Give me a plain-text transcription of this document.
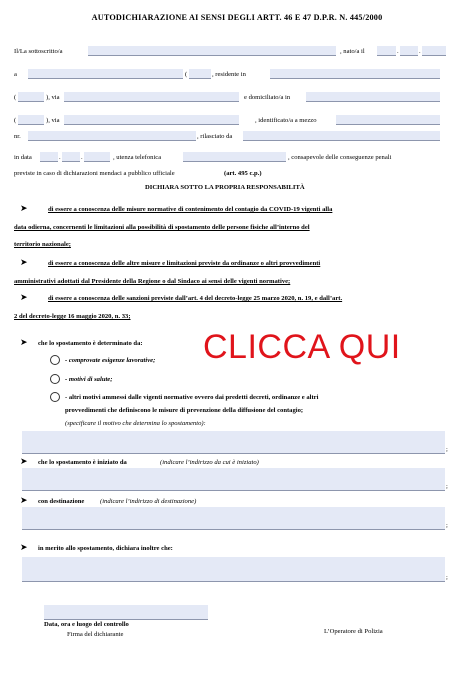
AUTODICHIARAZIONE AI SENSI DEGLI ARTT. 46 E 47 D.P.R. N. 445/2000
Il/La sottoscritto/a	, nato/a il	.	.
a	(	, residente in
(	), via	e domiciliato/a in
(	), via	, identificato/a a mezzo
nr.	, rilasciato da
in data	.	.	, utenza telefonica	, consapevole delle conseguenze penali
previste in caso di dichiarazioni mendaci a pubblico ufficiale	(art. 495 c.p.)
DICHIARA SOTTO LA PROPRIA RESPONSABILITÀ
➤	di essere a conoscenza delle misure normative di contenimento del contagio da COVID-19 vigenti alla
data odierna, concernenti le limitazioni alla possibilità di spostamento delle persone fisiche all’interno del
territorio nazionale;
➤	di essere a conoscenza delle altre misure e limitazioni previste da ordinanze o altri provvedimenti
amministrativi adottati dal Presidente della Regione o dal Sindaco ai sensi delle vigenti normative;
➤	di essere a conoscenza delle sanzioni previste dall’art. 4 del decreto-legge 25 marzo 2020, n. 19, e dall’art.
2 del decreto-legge 16 maggio 2020, n. 33;
➤ che lo spostamento è determinato da:
- comprovate esigenze lavorative;
- motivi di salute;
- altri motivi ammessi dalle vigenti normative ovvero dai predetti decreti, ordinanze e altri
provvedimenti che definiscono le misure di prevenzione della diffusione del contagio;
(specificare il motivo che determina lo spostamento):
;
➤ che lo spostamento è iniziato da	(indicare l’indirizzo da cui è iniziato)
;
➤ con destinazione (indicare l’indirizzo di destinazione)
;
➤ in merito allo spostamento, dichiara inoltre che:
;
Data, ora e luogo del controllo
Firma del dichiarante	L’Operatore di Polizia
CLICCA QUI
